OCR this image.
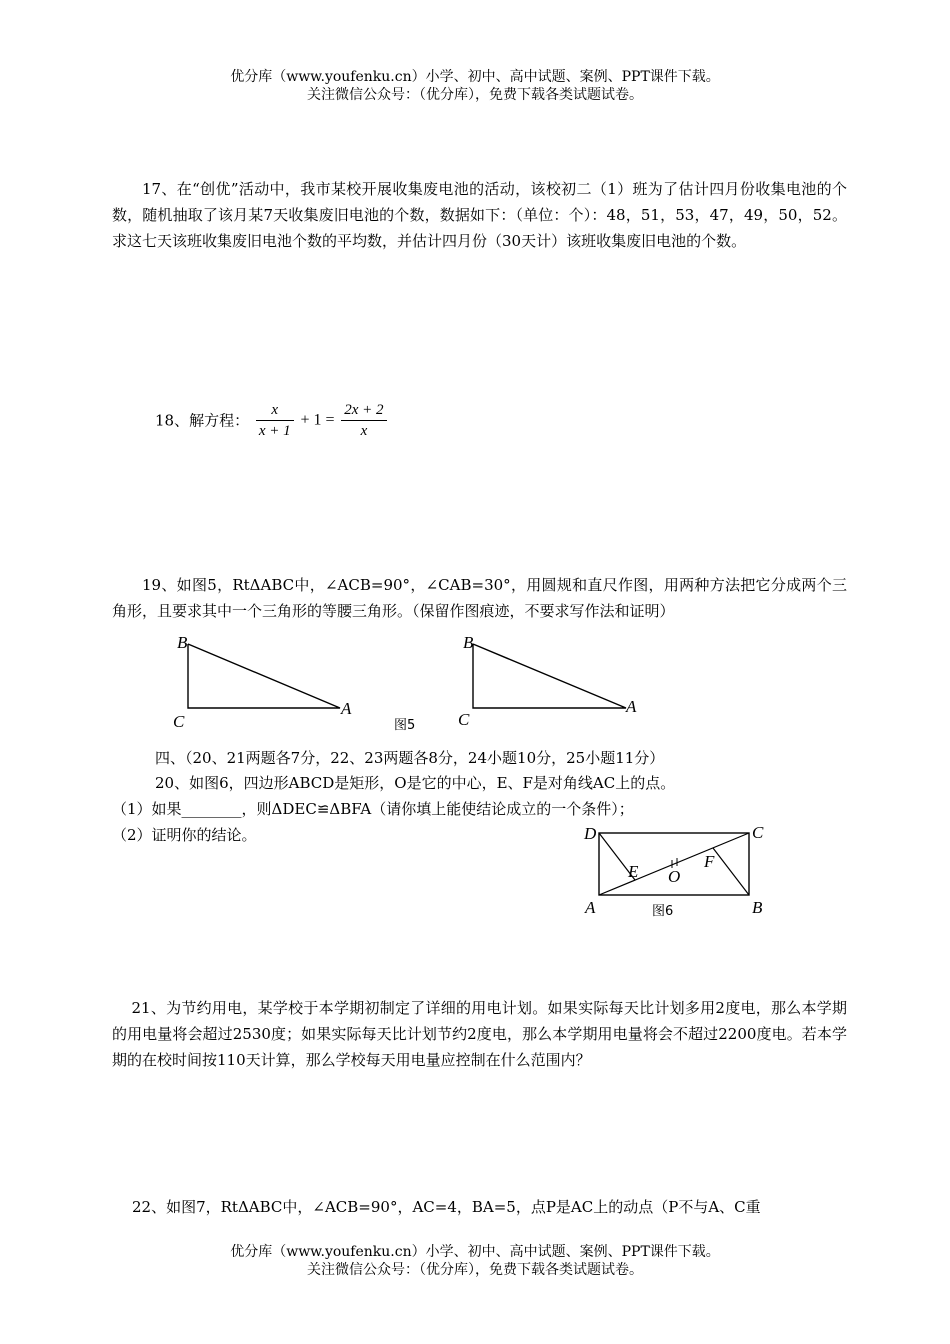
优分库（www.youfenku.cn）小学、初中、高中试题、案例、PPT课件下载。
关注微信公众号：（优分库），免费下载各类试题试卷。
17、在“创优”活动中，我市某校开展收集废电池的活动，该校初二（1）班为了估计四月份收集电池的个数，随机抽取了该月某7天收集废旧电池的个数，数据如下：（单位：个）：48，51，53，47，49，50，52。求这七天该班收集废旧电池个数的平均数，并估计四月份（30天计）该班收集废旧电池的个数。
18、解方程： $\frac{x}{x + 1} + 1 = \frac{2x + 2}{x}$
19、如图5，RtΔABC中，∠ACB=90°，∠CAB=30°，用圆规和直尺作图，用两种方法把它分成两个三角形，且要求其中一个三角形的等腰三角形。（保留作图痕迹，不要求写作法和证明）
B
C
A
B
C
A
图5
四、（20、21两题各7分，22、23两题各8分，24小题10分，25小题11分）
20、如图6，四边形ABCD是矩形，O是它的中心，E、F是对角线AC上的点。
（1）如果________，则ΔDEC≌ΔBFA（请你填上能使结论成立的一个条件）；
（2）证明你的结论。	D	C
A	B
E
F
O
图6
21、为节约用电，某学校于本学期初制定了详细的用电计划。如果实际每天比计划多用2度电，那么本学期的用电量将会超过2530度；如果实际每天比计划节约2度电，那么本学期用电量将会不超过2200度电。若本学期的在校时间按110天计算，那么学校每天用电量应控制在什么范围内？
22、如图7，RtΔABC中，∠ACB=90°，AC=4，BA=5，点P是AC上的动点（P不与A、C重
优分库（www.youfenku.cn）小学、初中、高中试题、案例、PPT课件下载。
关注微信公众号：（优分库），免费下载各类试题试卷。
